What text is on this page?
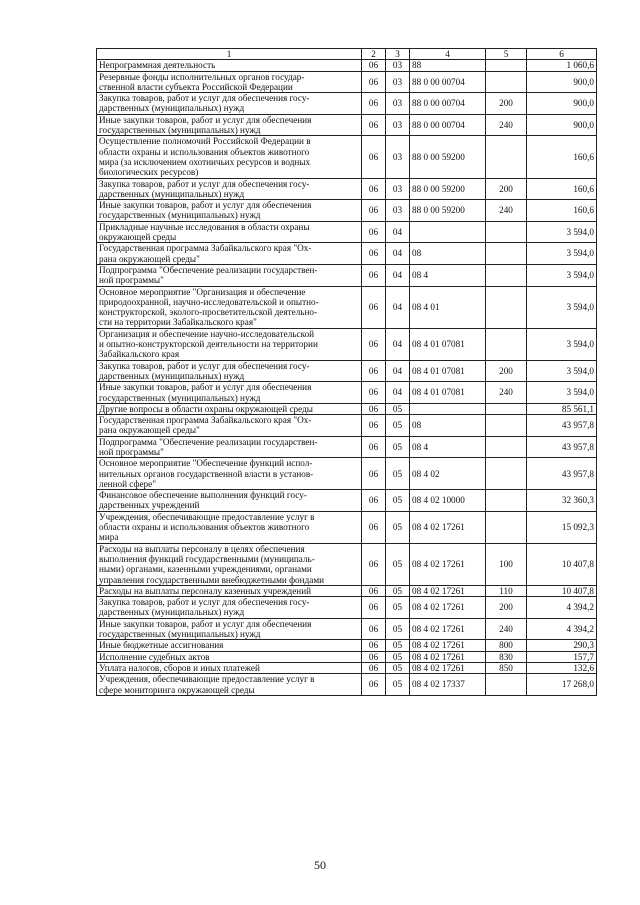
1	2	3	4	5	6
Непрограммная деятельность	06	03	88		1 060,6
Резервные фонды исполнительных органов государ-
ственной власти субъекта Российской Федерации	06	03	88 0 00 00704		900,0
Закупка товаров, работ и услуг для обеспечения госу-
дарственных (муниципальных) нужд	06	03	88 0 00 00704	200	900,0
Иные закупки товаров, работ и услуг для обеспечения
государственных (муниципальных) нужд	06	03	88 0 00 00704	240	900,0
Осуществление полномочий Российской Федерации в
области охраны и использования объектов животного
мира (за исключением охотничьих ресурсов и водных
биологических ресурсов)	06	03	88 0 00 59200		160,6
Закупка товаров, работ и услуг для обеспечения госу-
дарственных (муниципальных) нужд	06	03	88 0 00 59200	200	160,6
Иные закупки товаров, работ и услуг для обеспечения
государственных (муниципальных) нужд	06	03	88 0 00 59200	240	160,6
Прикладные научные исследования в области охраны
окружающей среды	06	04			3 594,0
Государственная программа Забайкальского края "Ох-
рана окружающей среды"	06	04	08		3 594,0
Подпрограмма "Обеспечение реализации государствен-
ной программы"	06	04	08 4		3 594,0
Основное мероприятие "Организация и обеспечение
природоохранной, научно-исследовательской и опытно-
конструкторской, эколого-просветительской деятельно-
сти на территории Забайкальского края"	06	04	08 4 01		3 594,0
Организация и обеспечение научно-исследовательской
и опытно-конструкторской деятельности на территории
Забайкальского края	06	04	08 4 01 07081		3 594,0
Закупка товаров, работ и услуг для обеспечения госу-
дарственных (муниципальных) нужд	06	04	08 4 01 07081	200	3 594,0
Иные закупки товаров, работ и услуг для обеспечения
государственных (муниципальных) нужд	06	04	08 4 01 07081	240	3 594,0
Другие вопросы в области охраны окружающей среды	06	05			85 561,1
Государственная программа Забайкальского края "Ох-
рана окружающей среды"	06	05	08		43 957,8
Подпрограмма "Обеспечение реализации государствен-
ной программы"	06	05	08 4		43 957,8
Основное мероприятие "Обеспечение функций испол-
нительных органов государственной власти в установ-
ленной сфере"	06	05	08 4 02		43 957,8
Финансовое обеспечение выполнения функций госу-
дарственных учреждений	06	05	08 4 02 10000		32 360,3
Учреждения, обеспечивающие предоставление услуг в
области охраны и использования объектов животного
мира	06	05	08 4 02 17261		15 092,3
Расходы на выплаты персоналу в целях обеспечения
выполнения функций государственными (муниципаль-
ными) органами, казенными учреждениями, органами
управления государственными внебюджетными фондами	06	05	08 4 02 17261	100	10 407,8
Расходы на выплаты персоналу казенных учреждений	06	05	08 4 02 17261	110	10 407,8
Закупка товаров, работ и услуг для обеспечения госу-
дарственных (муниципальных) нужд	06	05	08 4 02 17261	200	4 394,2
Иные закупки товаров, работ и услуг для обеспечения
государственных (муниципальных) нужд	06	05	08 4 02 17261	240	4 394,2
Иные бюджетные ассигнования	06	05	08 4 02 17261	800	290,3
Исполнение судебных актов	06	05	08 4 02 17261	830	157,7
Уплата налогов, сборов и иных платежей	06	05	08 4 02 17261	850	132,6
Учреждения, обеспечивающие предоставление услуг в
сфере мониторинга окружающей среды	06	05	08 4 02 17337		17 268,0
50
